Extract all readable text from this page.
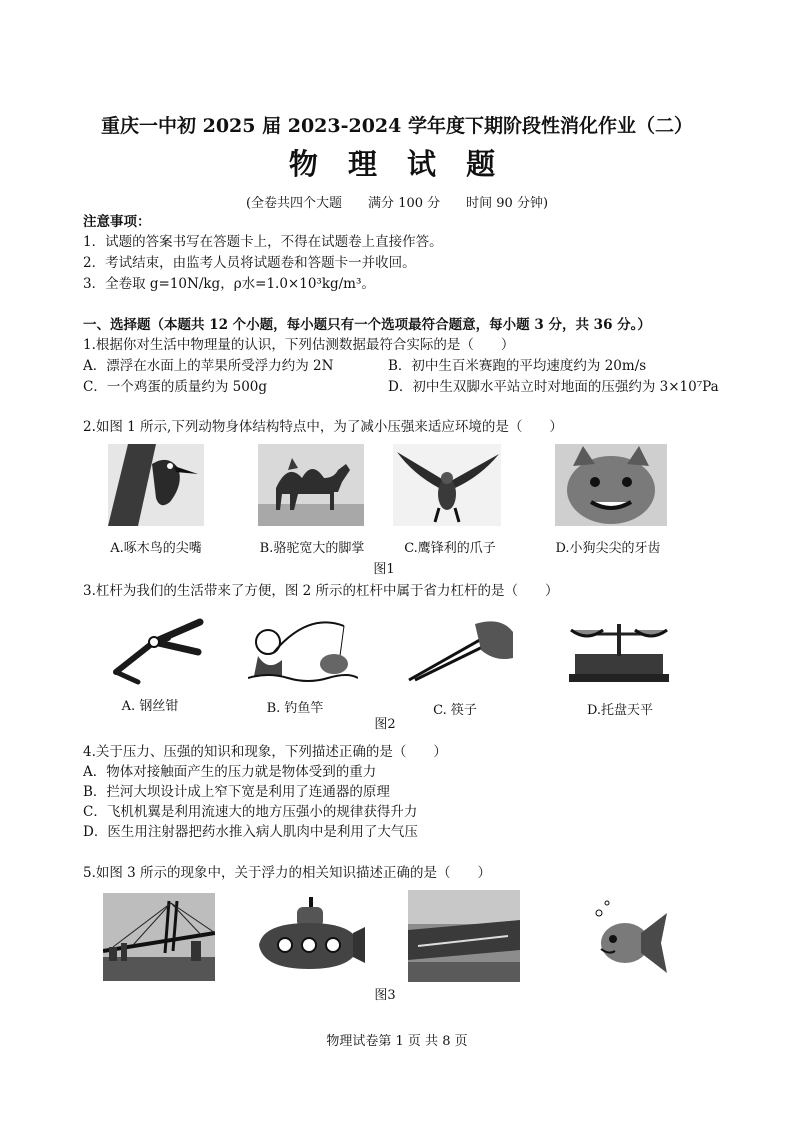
重庆一中初 2025 届 2023-2024 学年度下期阶段性消化作业（二）
物 理 试 题
(全卷共四个大题　　满分 100 分　　时间 90 分钟)
注意事项：
1．试题的答案书写在答题卡上，不得在试题卷上直接作答。
2．考试结束，由监考人员将试题卷和答题卡一并收回。
3．全卷取 g=10N/kg，ρ水=1.0×10³kg/m³。
一、选择题（本题共 12 个小题，每小题只有一个选项最符合题意，每小题 3 分，共 36 分。）
1.根据你对生活中物理量的认识，下列估测数据最符合实际的是（　　）
A．漂浮在水面上的苹果所受浮力约为 2N	B．初中生百米赛跑的平均速度约为 20m/s
C．一个鸡蛋的质量约为 500g	D．初中生双脚水平站立时对地面的压强约为 3×10⁷Pa
2.如图 1 所示,下列动物身体结构特点中，为了减小压强来适应环境的是（　　）
A.啄木鸟的尖嘴	B.骆驼宽大的脚掌	C.鹰锋利的爪子	D.小狗尖尖的牙齿
图1
3.杠杆为我们的生活带来了方便，图 2 所示的杠杆中属于省力杠杆的是（　　）
A. 钢丝钳	B. 钓鱼竿	C. 筷子	D.托盘天平
图2
4.关于压力、压强的知识和现象，下列描述正确的是（　　）
A．物体对接触面产生的压力就是物体受到的重力
B．拦河大坝设计成上窄下宽是利用了连通器的原理
C．飞机机翼是利用流速大的地方压强小的规律获得升力
D．医生用注射器把药水推入病人肌肉中是利用了大气压
5.如图 3 所示的现象中，关于浮力的相关知识描述正确的是（　　）
图3
物理试卷第 1 页 共 8 页
